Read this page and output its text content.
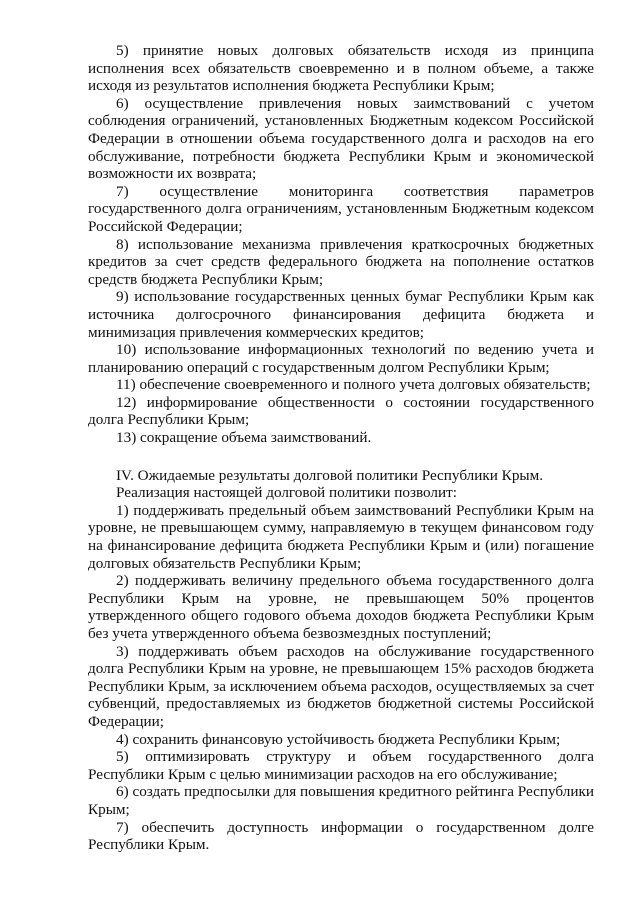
5) принятие новых долговых обязательств исходя из принципа исполнения всех обязательств своевременно и в полном объеме, а также исходя из результатов исполнения бюджета Республики Крым;

6) осуществление привлечения новых заимствований с учетом соблюдения ограничений, установленных Бюджетным кодексом Российской Федерации в отношении объема государственного долга и расходов на его обслуживание, потребности бюджета Республики Крым и экономической возможности их возврата;

7) осуществление мониторинга соответствия параметров государственного долга ограничениям, установленным Бюджетным кодексом Российской Федерации;

8) использование механизма привлечения краткосрочных бюджетных кредитов за счет средств федерального бюджета на пополнение остатков средств бюджета Республики Крым;

9) использование государственных ценных бумаг Республики Крым как источника долгосрочного финансирования дефицита бюджета и минимизация привлечения коммерческих кредитов;

10) использование информационных технологий по ведению учета и планированию операций с государственным долгом Республики Крым;

11) обеспечение своевременного и полного учета долговых обязательств;

12) информирование общественности о состоянии государственного долга Республики Крым;

13) сокращение объема заимствований.

IV. Ожидаемые результаты долговой политики Республики Крым.

Реализация настоящей долговой политики позволит:

1) поддерживать предельный объем заимствований Республики Крым на уровне, не превышающем сумму, направляемую в текущем финансовом году на финансирование дефицита бюджета Республики Крым и (или) погашение долговых обязательств Республики Крым;

2) поддерживать величину предельного объема государственного долга Республики Крым на уровне, не превышающем 50% процентов утвержденного общего годового объема доходов бюджета Республики Крым без учета утвержденного объема безвозмездных поступлений;

3) поддерживать объем расходов на обслуживание государственного долга Республики Крым на уровне, не превышающем 15% расходов бюджета Республики Крым, за исключением объема расходов, осуществляемых за счет субвенций, предоставляемых из бюджетов бюджетной системы Российской Федерации;

4) сохранить финансовую устойчивость бюджета Республики Крым;

5) оптимизировать структуру и объем государственного долга Республики Крым с целью минимизации расходов на его обслуживание;

6) создать предпосылки для повышения кредитного рейтинга Республики Крым;

7) обеспечить доступность информации о государственном долге Республики Крым.
